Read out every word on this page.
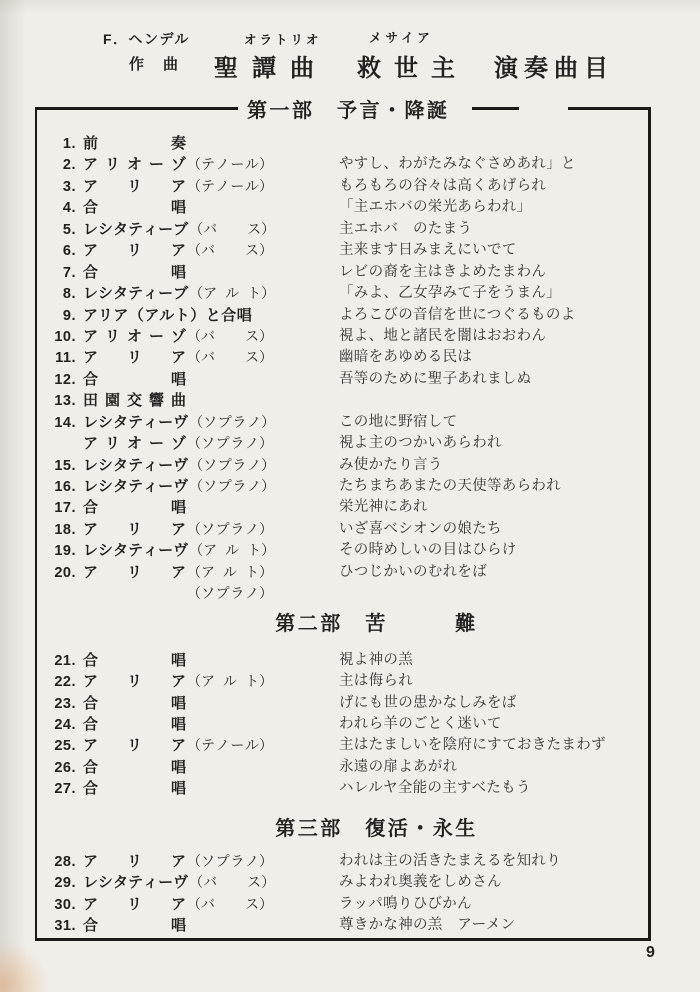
F．ヘンデル
作　曲
オラトリオ
聖譚曲
メサイア
救世主 演奏曲目
第一部　予言・降誕
1. 前	奏
2. ア リ オ ー ゾ （ テ ノ ー ル ）	やすし、わがたみなぐさめあれ」と
3. ア リ ア （ テ ノ ー ル ）	もろもろの谷々は高くあげられ
4. 合	唱	「主エホバの栄光あらわれ」
5. レ シ タ テ ィ ー ブ （ バ ス ）	主エホバ　のたまう
6. ア リ ア （ バ ス ）	主来ます日みまえにいでて
7. 合	唱	レビの裔を主はきよめたまわん
8. レ シ タ テ ィ ー ブ （ ア ル ト ）	「みよ、乙女孕みて子をうまん」
9. アリア（アルト）と合唱	よろこびの音信を世につぐるものよ
10. ア リ オ ー ゾ （ バ ス ）	視よ、地と諸民を闇はおおわん
11. ア リ ア （ バ ス ）	幽暗をあゆめる民は
12. 合	唱	吾等のために聖子あれましぬ
13. 田 園 交 響 曲
14. レ シ タ テ ィ ー ヴ （ ソ プ ラ ノ ）	この地に野宿して
ア リ オ ー ゾ （ ソ プ ラ ノ ）	視よ主のつかいあらわれ
15. レ シ タ テ ィ ー ヴ （ ソ プ ラ ノ ）	み使かたり言う
16. レ シ タ テ ィ ー ヴ （ ソ プ ラ ノ ）	たちまちあまたの天使等あらわれ
17. 合	唱	栄光神にあれ
18. ア リ ア （ ソ プ ラ ノ ）	いざ喜べシオンの娘たち
19. レ シ タ テ ィ ー ヴ （ ア ル ト ）	その時めしいの目はひらけ
20. ア リ ア （ ア ル ト ）	ひつじかいのむれをば
（ ソ プ ラ ノ ）
第二部　苦　　　難
21. 合	唱	視よ神の羔
22. ア リ ア （ ア ル ト ）	主は侮られ
23. 合	唱	げにも世の患かなしみをば
24. 合	唱	われら羊のごとく迷いて
25. ア リ ア （ テ ノ ー ル ）	主はたましいを陰府にすておきたまわず
26. 合	唱	永遠の扉よあがれ
27. 合	唱	ハレルヤ全能の主すべたもう
第三部　復活・永生
28. ア リ ア （ ソ プ ラ ノ ）	われは主の活きたまえるを知れり
29. レ シ タ テ ィ ー ヴ （ バ ス ）	みよわれ奥義をしめさん
30. ア リ ア （ バ ス ）	ラッパ鳴りひびかん
31. 合	唱	尊きかな神の羔　アーメン
9
